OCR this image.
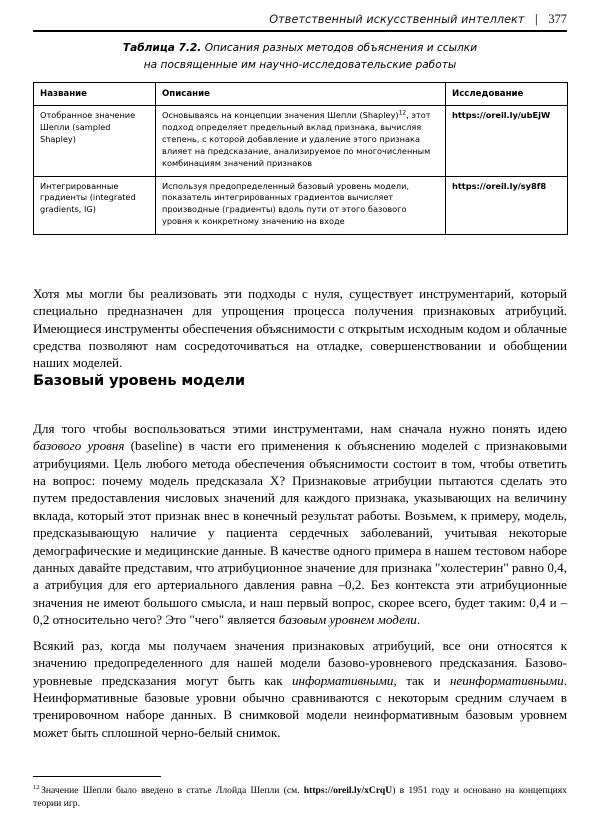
Ответственный искусственный интеллект | 377
Таблица 7.2. Описания разных методов объяснения и ссылки
на посвященные им научно-исследовательские работы
Название	Описание	Исследование
Отобранное значение Шепли (sampled Shapley)	Основываясь на концепции значения Шепли (Shapley)$^{12}$, этот подход определяет предельный вклад признака, вычисляя степень, с которой добавление и удаление этого признака влияет на предсказание, анализируемое по многочисленным комбинациям значений признаков	https://oreil.ly/ubEjW
Интегрированные градиенты (integrated gradients, IG)	Используя предопределенный базовый уровень модели, показатель интегрированных градиентов вычисляет производные (градиенты) вдоль пути от этого базового уровня к конкретному значению на входе	https://oreil.ly/sy8f8

Хотя мы могли бы реализовать эти подходы с нуля, существует инструментарий, который специально предназначен для упрощения процесса получения признаковых атрибуций. Имеющиеся инструменты обеспечения объяснимости с открытым исходным кодом и облачные средства позволяют нам сосредоточиваться на отладке, совершенствовании и обобщении наших моделей.

Базовый уровень модели

Для того чтобы воспользоваться этими инструментами, нам сначала нужно понять идею базового уровня (baseline) в части его применения к объяснению моделей с признаковыми атрибуциями. Цель любого метода обеспечения объяснимости состоит в том, чтобы ответить на вопрос: почему модель предсказала X? Признаковые атрибуции пытаются сделать это путем предоставления числовых значений для каждого признака, указывающих на величину вклада, который этот признак внес в конечный результат работы. Возьмем, к примеру, модель, предсказывающую наличие у пациента сердечных заболеваний, учитывая некоторые демографические и медицинские данные. В качестве одного примера в нашем тестовом наборе данных давайте представим, что атрибуционное значение для признака "холестерин" равно 0,4, а атрибуция для его артериального давления равна –0,2. Без контекста эти атрибуционные значения не имеют большого смысла, и наш первый вопрос, скорее всего, будет таким: 0,4 и –0,2 относительно чего? Это "чего" является базовым уровнем модели.

Всякий раз, когда мы получаем значения признаковых атрибуций, все они относятся к значению предопределенного для нашей модели базово-уровневого предсказания. Базово-уровневые предсказания могут быть как информативными, так и неинформативными. Неинформативные базовые уровни обычно сравниваются с некоторым средним случаем в тренировочном наборе данных. В снимковой модели неинформативным базовым уровнем может быть сплошной черно-белый снимок.

$^{12}$ Значение Шепли было введено в статье Ллойда Шепли (см. https://oreil.ly/xCrqU) в 1951 году и основано на концепциях теории игр.
